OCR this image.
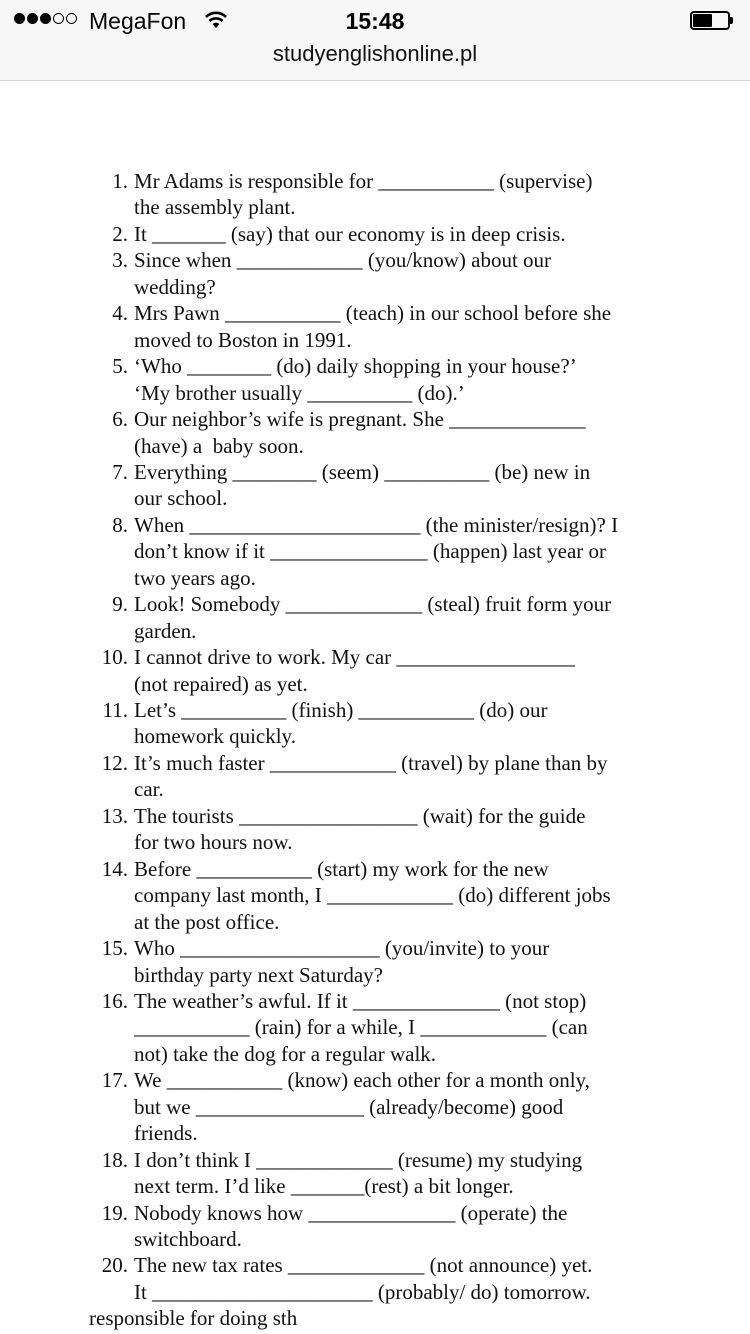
MegaFon	15:48
studyenglishonline.pl
1. Mr Adams is responsible for ___________ (supervise)
the assembly plant.
2. It _______ (say) that our economy is in deep crisis.
3. Since when ____________ (you/know) about our
wedding?
4. Mrs Pawn ___________ (teach) in our school before she
moved to Boston in 1991.
5. ‘Who ________ (do) daily shopping in your house?’
‘My brother usually __________ (do).’
6. Our neighbor’s wife is pregnant. She _____________
(have) a  baby soon.
7. Everything ________ (seem) __________ (be) new in
our school.
8. When ______________________ (the minister/resign)? I
don’t know if it _______________ (happen) last year or
two years ago.
9. Look! Somebody _____________ (steal) fruit form your
garden.
10. I cannot drive to work. My car _________________
(not repaired) as yet.
11. Let’s __________ (finish) ___________ (do) our
homework quickly.
12. It’s much faster ____________ (travel) by plane than by
car.
13. The tourists _________________ (wait) for the guide
for two hours now.
14. Before ___________ (start) my work for the new
company last month, I ____________ (do) different jobs
at the post office.
15. Who ___________________ (you/invite) to your
birthday party next Saturday?
16. The weather’s awful. If it ______________ (not stop)
___________ (rain) for a while, I ____________ (can
not) take the dog for a regular walk.
17. We ___________ (know) each other for a month only,
but we ________________ (already/become) good
friends.
18. I don’t think I _____________ (resume) my studying
next term. I’d like _______(rest) a bit longer.
19. Nobody knows how ______________ (operate) the
switchboard.
20. The new tax rates _____________ (not announce) yet.
It _____________________ (probably/ do) tomorrow.
responsible for doing sth
